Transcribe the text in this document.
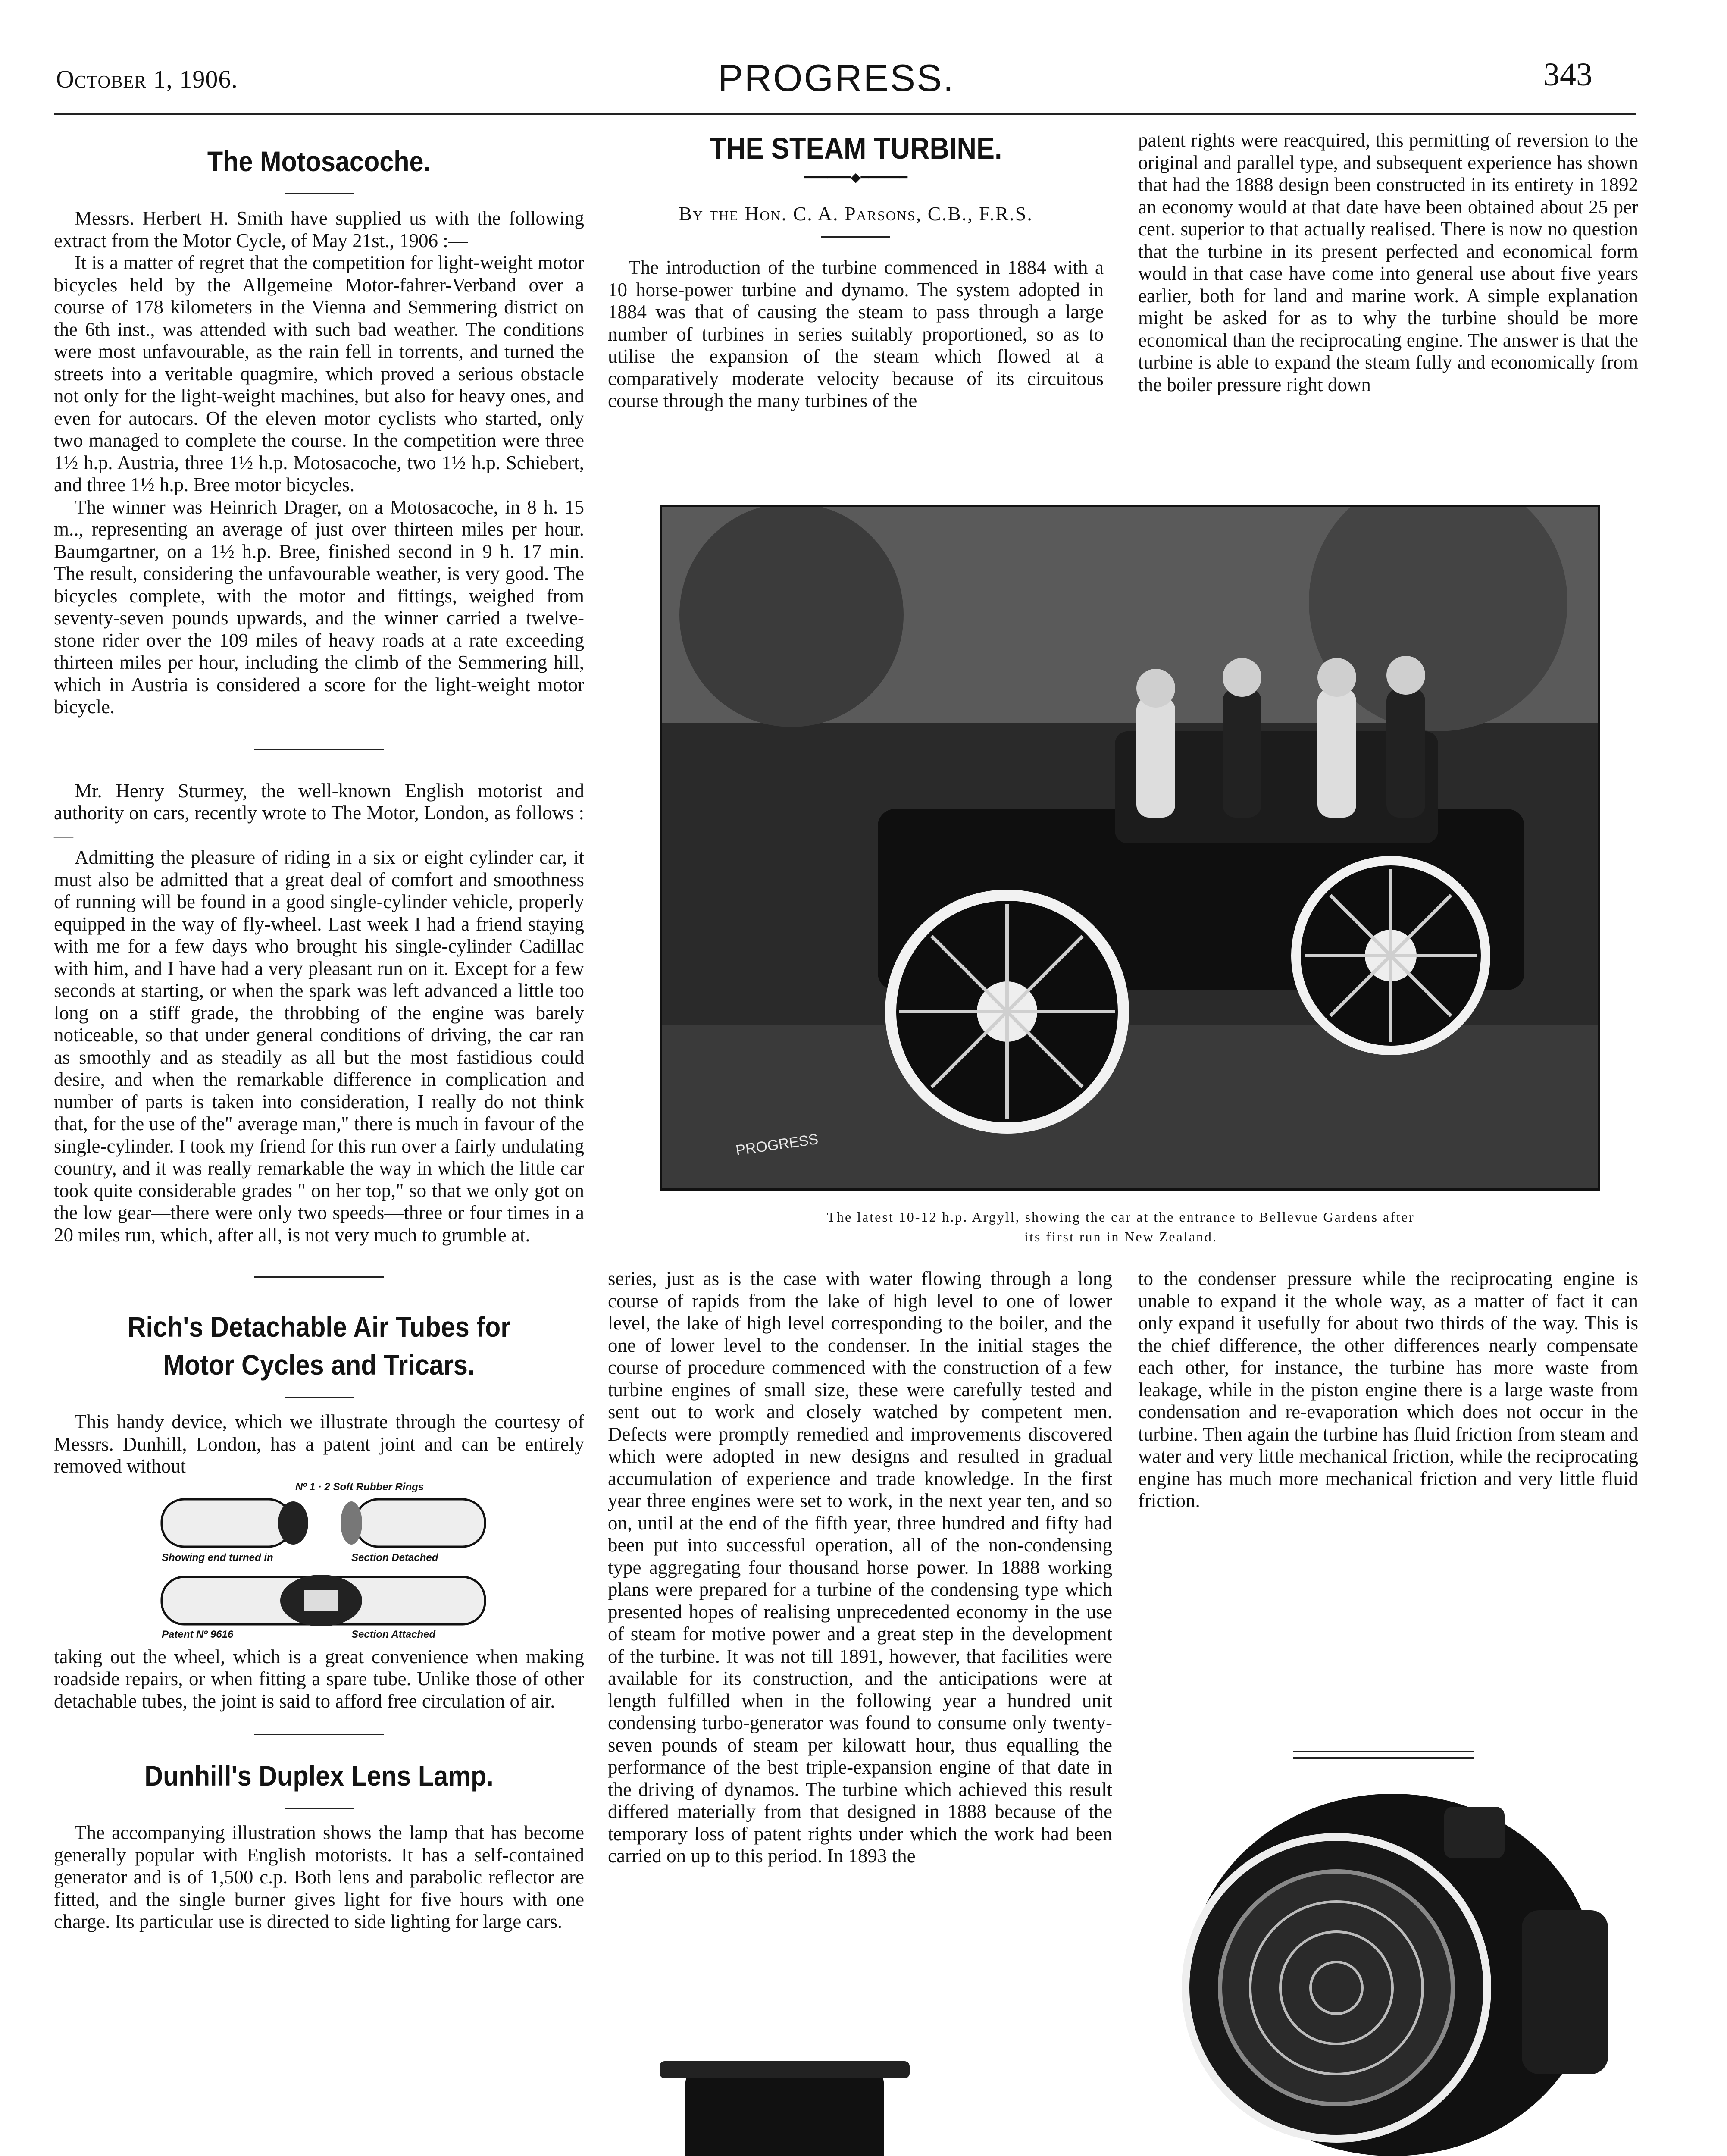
October 1, 1906.	PROGRESS.	343
The Motosacoche.

Messrs. Herbert H. Smith have supplied us with the following extract from the Motor Cycle, of May 21st., 1906 :—

It is a matter of regret that the competition for light-weight motor bicycles held by the Allgemeine Motor-fahrer-Verband over a course of 178 kilometers in the Vienna and Semmering district on the 6th inst., was attended with such bad weather. The conditions were most unfavourable, as the rain fell in torrents, and turned the streets into a veritable quagmire, which proved a serious obstacle not only for the light-weight machines, but also for heavy ones, and even for autocars. Of the eleven motor cyclists who started, only two managed to complete the course. In the competition were three 1½ h.p. Austria, three 1½ h.p. Motosacoche, two 1½ h.p. Schiebert, and three 1½ h.p. Bree motor bicycles.

The winner was Heinrich Drager, on a Motosacoche, in 8 h. 15 m.., representing an average of just over thirteen miles per hour. Baumgartner, on a 1½ h.p. Bree, finished second in 9 h. 17 min. The result, considering the unfavourable weather, is very good. The bicycles complete, with the motor and fittings, weighed from seventy-seven pounds upwards, and the winner carried a twelve-stone rider over the 109 miles of heavy roads at a rate exceeding thirteen miles per hour, including the climb of the Semmering hill, which in Austria is considered a score for the light-weight motor bicycle.

Mr. Henry Sturmey, the well-known English motorist and authority on cars, recently wrote to The Motor, London, as follows :—

Admitting the pleasure of riding in a six or eight cylinder car, it must also be admitted that a great deal of comfort and smoothness of running will be found in a good single-cylinder vehicle, properly equipped in the way of fly-wheel. Last week I had a friend staying with me for a few days who brought his single-cylinder Cadillac with him, and I have had a very pleasant run on it. Except for a few seconds at starting, or when the spark was left advanced a little too long on a stiff grade, the throbbing of the engine was barely noticeable, so that under general conditions of driving, the car ran as smoothly and as steadily as all but the most fastidious could desire, and when the remarkable difference in complication and number of parts is taken into consideration, I really do not think that, for the use of the" average man," there is much in favour of the single-cylinder. I took my friend for this run over a fairly undulating country, and it was really remarkable the way in which the little car took quite considerable grades " on her top," so that we only got on the low gear—there were only two speeds—three or four times in a 20 miles run, which, after all, is not very much to grumble at.

Rich's Detachable Air Tubes for
Motor Cycles and Tricars.

This handy device, which we illustrate through the courtesy of Messrs. Dunhill, London, has a patent joint and can be entirely removed without

Nº 1 · 2 Soft Rubber Rings
Showing end turned in	Section Detached
Patent Nº 9616	Section Attached

taking out the wheel, which is a great convenience when making roadside repairs, or when fitting a spare tube. Unlike those of other detachable tubes, the joint is said to afford free circulation of air.

Dunhill's Duplex Lens Lamp.

The accompanying illustration shows the lamp that has become generally popular with English motorists. It has a self-contained generator and is of 1,500 c.p. Both lens and parabolic reflector are fitted, and the single burner gives light for five hours with one charge. Its particular use is directed to side lighting for large cars.

THE STEAM TURBINE.
━━━━━━◆━━━━━━

By the Hon. C. A. Parsons, C.B., F.R.S.

The introduction of the turbine commenced in 1884 with a 10 horse-power turbine and dynamo. The system adopted in 1884 was that of causing the steam to pass through a large number of turbines in series suitably proportioned, so as to utilise the expansion of the steam which flowed at a comparatively moderate velocity because of its circuitous course through the many turbines of the

patent rights were reacquired, this permitting of reversion to the original and parallel type, and subsequent experience has shown that had the 1888 design been constructed in its entirety in 1892 an economy would at that date have been obtained about 25 per cent. superior to that actually realised. There is now no question that the turbine in its present perfected and economical form would in that case have come into general use about five years earlier, both for land and marine work. A simple explanation might be asked for as to why the turbine should be more economical than the reciprocating engine. The answer is that the turbine is able to expand the steam fully and economically from the boiler pressure right down

PROGRESS
The latest 10-12 h.p. Argyll, showing the car at the entrance to Bellevue Gardens after
its first run in New Zealand.

series, just as is the case with water flowing through a long course of rapids from the lake of high level to one of lower level, the lake of high level corresponding to the boiler, and the one of lower level to the condenser. In the initial stages the course of procedure commenced with the construction of a few turbine engines of small size, these were carefully tested and sent out to work and closely watched by competent men. Defects were promptly remedied and improvements discovered which were adopted in new designs and resulted in gradual accumulation of experience and trade knowledge. In the first year three engines were set to work, in the next year ten, and so on, until at the end of the fifth year, three hundred and fifty had been put into successful operation, all of the non-condensing type aggregating four thousand horse power. In 1888 working plans were prepared for a turbine of the condensing type which presented hopes of realising unprecedented economy in the use of steam for motive power and a great step in the development of the turbine. It was not till 1891, however, that facilities were available for its construction, and the anticipations were at length fulfilled when in the following year a hundred unit condensing turbo-generator was found to consume only twenty-seven pounds of steam per kilowatt hour, thus equalling the performance of the best triple-expansion engine of that date in the driving of dynamos. The turbine which achieved this result differed materially from that designed in 1888 because of the temporary loss of patent rights under which the work had been carried on up to this period. In 1893 the

to the condenser pressure while the reciprocating engine is unable to expand it the whole way, as a matter of fact it can only expand it usefully for about two thirds of the way. This is the chief difference, the other differences nearly compensate each other, for instance, the turbine has more waste from leakage, while in the piston engine there is a large waste from condensation and re-evaporation which does not occur in the turbine. Then again the turbine has fluid friction from steam and water and very little mechanical friction, while the reciprocating engine has much more mechanical friction and very little fluid friction.
